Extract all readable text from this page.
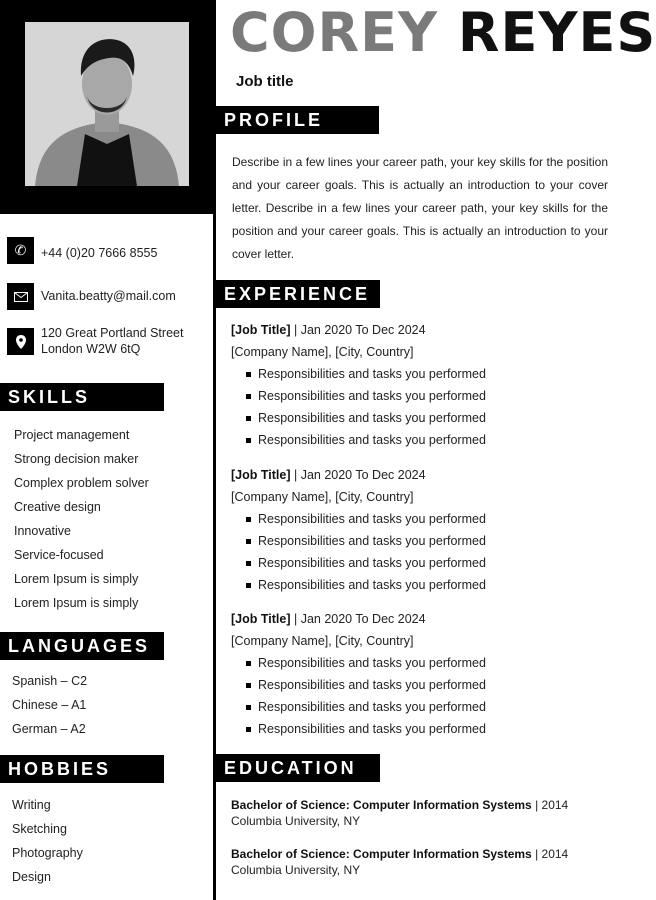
✆	+44 (0)20 7666 8555
Vanita.beatty@mail.com
120 Great Portland Street
London W2W 6tQ
SKILLS
Project management
Strong decision maker
Complex problem solver
Creative design
Innovative
Service-focused
Lorem Ipsum is simply
Lorem Ipsum is simply
LANGUAGES
Spanish – C2
Chinese – A1
German – A2
HOBBIES
Writing
Sketching
Photography
Design
COREY REYES
Job title
PROFILE
Describe in a few lines your career path, your key skills for the position and your career goals. This is actually an introduction to your cover letter. Describe in a few lines your career path, your key skills for the position and your career goals. This is actually an introduction to your cover letter.
EXPERIENCE
[Job Title] | Jan 2020 To Dec 2024
[Company Name], [City, Country]
Responsibilities and tasks you performed
Responsibilities and tasks you performed
Responsibilities and tasks you performed
Responsibilities and tasks you performed
[Job Title] | Jan 2020 To Dec 2024
[Company Name], [City, Country]
Responsibilities and tasks you performed
Responsibilities and tasks you performed
Responsibilities and tasks you performed
Responsibilities and tasks you performed
[Job Title] | Jan 2020 To Dec 2024
[Company Name], [City, Country]
Responsibilities and tasks you performed
Responsibilities and tasks you performed
Responsibilities and tasks you performed
Responsibilities and tasks you performed
EDUCATION
Bachelor of Science: Computer Information Systems | 2014
Columbia University, NY
Bachelor of Science: Computer Information Systems | 2014
Columbia University, NY
